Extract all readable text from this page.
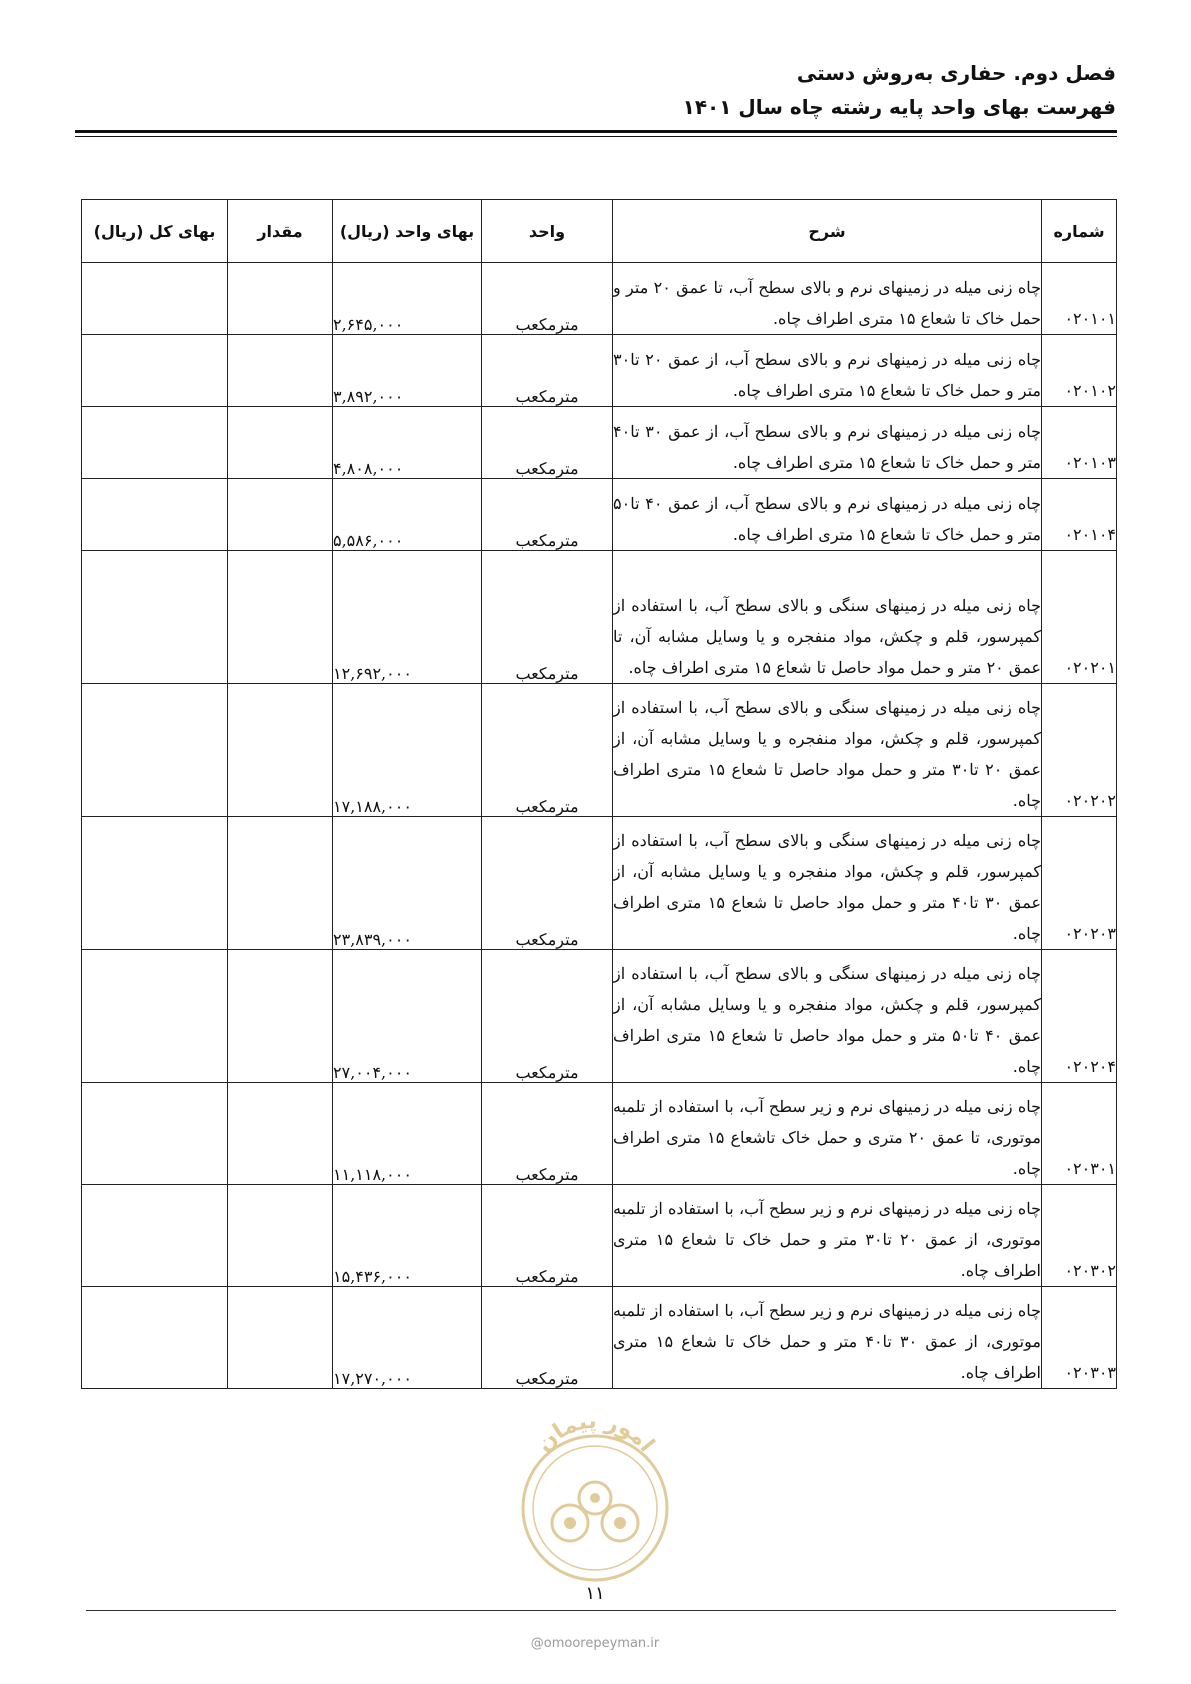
فصل دوم. حفاری به‌روش دستی
فهرست بهای واحد پایه رشته چاه سال ۱۴۰۱
شماره	شرح	واحد	بهای واحد (ریال)	مقدار	بهای کل (ریال)
۰۲۰۱۰۱	چاه زنی میله در زمینهای نرم و بالای سطح آب، تا عمق ۲۰ متر و حمل خاک تا شعاع ۱۵ متری اطراف چاه.	مترمکعب	۲,۶۴۵,۰۰۰		
۰۲۰۱۰۲	چاه زنی میله در زمینهای نرم و بالای سطح آب، از عمق ۲۰ تا۳۰ متر و حمل خاک تا شعاع ۱۵ متری اطراف چاه.	مترمکعب	۳,۸۹۲,۰۰۰		
۰۲۰۱۰۳	چاه زنی میله در زمینهای نرم و بالای سطح آب، از عمق ۳۰ تا۴۰ متر و حمل خاک تا شعاع ۱۵ متری اطراف چاه.	مترمکعب	۴,۸۰۸,۰۰۰		
۰۲۰۱۰۴	چاه زنی میله در زمینهای نرم و بالای سطح آب، از عمق ۴۰ تا۵۰ متر و حمل خاک تا شعاع ۱۵ متری اطراف چاه.	مترمکعب	۵,۵۸۶,۰۰۰		
۰۲۰۲۰۱	چاه زنی میله در زمینهای سنگی و بالای سطح آب، با استفاده از کمپرسور، قلم و چکش، مواد منفجره و یا وسایل مشابه آن، تا عمق ۲۰ متر و حمل مواد حاصل تا شعاع ۱۵ متری اطراف چاه.	مترمکعب	۱۲,۶۹۲,۰۰۰		
۰۲۰۲۰۲	چاه زنی میله در زمینهای سنگی و بالای سطح آب، با استفاده از کمپرسور، قلم و چکش، مواد منفجره و یا وسایل مشابه آن، از عمق ۲۰ تا۳۰ متر و حمل مواد حاصل تا شعاع ۱۵ متری اطراف چاه.	مترمکعب	۱۷,۱۸۸,۰۰۰		
۰۲۰۲۰۳	چاه زنی میله در زمینهای سنگی و بالای سطح آب، با استفاده از کمپرسور، قلم و چکش، مواد منفجره و یا وسایل مشابه آن، از عمق ۳۰ تا۴۰ متر و حمل مواد حاصل تا شعاع ۱۵ متری اطراف چاه.	مترمکعب	۲۳,۸۳۹,۰۰۰		
۰۲۰۲۰۴	چاه زنی میله در زمینهای سنگی و بالای سطح آب، با استفاده از کمپرسور، قلم و چکش، مواد منفجره و یا وسایل مشابه آن، از عمق ۴۰ تا۵۰ متر و حمل مواد حاصل تا شعاع ۱۵ متری اطراف چاه.	مترمکعب	۲۷,۰۰۴,۰۰۰		
۰۲۰۳۰۱	چاه زنی میله در زمینهای نرم و زیر سطح آب، با استفاده از تلمبه موتوری، تا عمق ۲۰ متری و حمل خاک تاشعاع ۱۵ متری اطراف چاه.	مترمکعب	۱۱,۱۱۸,۰۰۰		
۰۲۰۳۰۲	چاه زنی میله در زمینهای نرم و زیر سطح آب، با استفاده از تلمبه موتوری، از عمق ۲۰ تا۳۰ متر و حمل خاک تا شعاع ۱۵ متری اطراف چاه.	مترمکعب	۱۵,۴۳۶,۰۰۰		
۰۲۰۳۰۳	چاه زنی میله در زمینهای نرم و زیر سطح آب، با استفاده از تلمبه موتوری، از عمق ۳۰ تا۴۰ متر و حمل خاک تا شعاع ۱۵ متری اطراف چاه.	مترمکعب	۱۷,۲۷۰,۰۰۰		
امور پیمان
۱۱
@omoorepeyman.ir
